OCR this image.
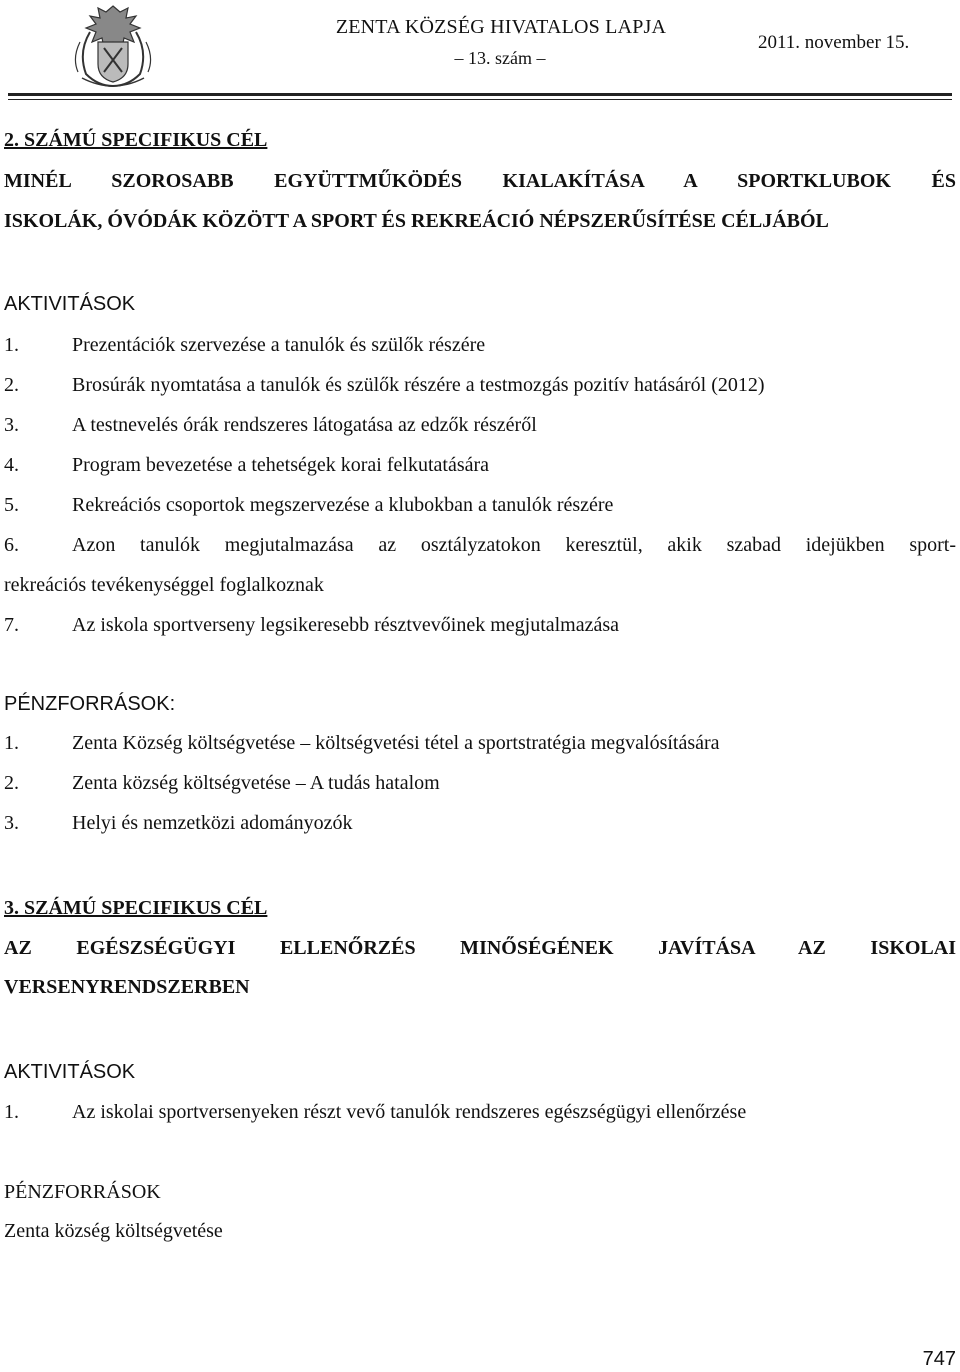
ZENTA KÖZSÉG HIVATALOS LAPJA
– 13. szám –
2011. november 15.
2. SZÁMÚ SPECIFIKUS CÉL
MINÉL SZOROSABB EGYÜTTMŰKÖDÉS KIALAKÍTÁSA A SPORTKLUBOK ÉS
ISKOLÁK, ÓVÓDÁK KÖZÖTT A SPORT ÉS REKREÁCIÓ NÉPSZERŰSÍTÉSE CÉLJÁBÓL
AKTIVITÁSOK
1.	Prezentációk szervezése a tanulók és szülők részére
2.	Brosúrák nyomtatása a tanulók és szülők részére a testmozgás pozitív hatásáról (2012)
3.	A testnevelés órák rendszeres látogatása az edzők részéről
4.	Program bevezetése a tehetségek korai felkutatására
5.	Rekreációs csoportok megszervezése a klubokban a tanulók részére
6.	Azon tanulók megjutalmazása az osztályzatokon keresztül, akik szabad idejükben sport-
rekreációs tevékenységgel foglalkoznak
7.	Az iskola sportverseny legsikeresebb résztvevőinek megjutalmazása
PÉNZFORRÁSOK:
1.	Zenta Község költségvetése – költségvetési tétel a sportstratégia megvalósítására
2.	Zenta község költségvetése – A tudás hatalom
3.	Helyi és nemzetközi adományozók
3. SZÁMÚ SPECIFIKUS CÉL
AZ EGÉSZSÉGÜGYI ELLENŐRZÉS MINŐSÉGÉNEK JAVÍTÁSA AZ ISKOLAI
VERSENYRENDSZERBEN
AKTIVITÁSOK
1.	Az iskolai sportversenyeken részt vevő tanulók rendszeres egészségügyi ellenőrzése
PÉNZFORRÁSOK
Zenta község költségvetése
747
